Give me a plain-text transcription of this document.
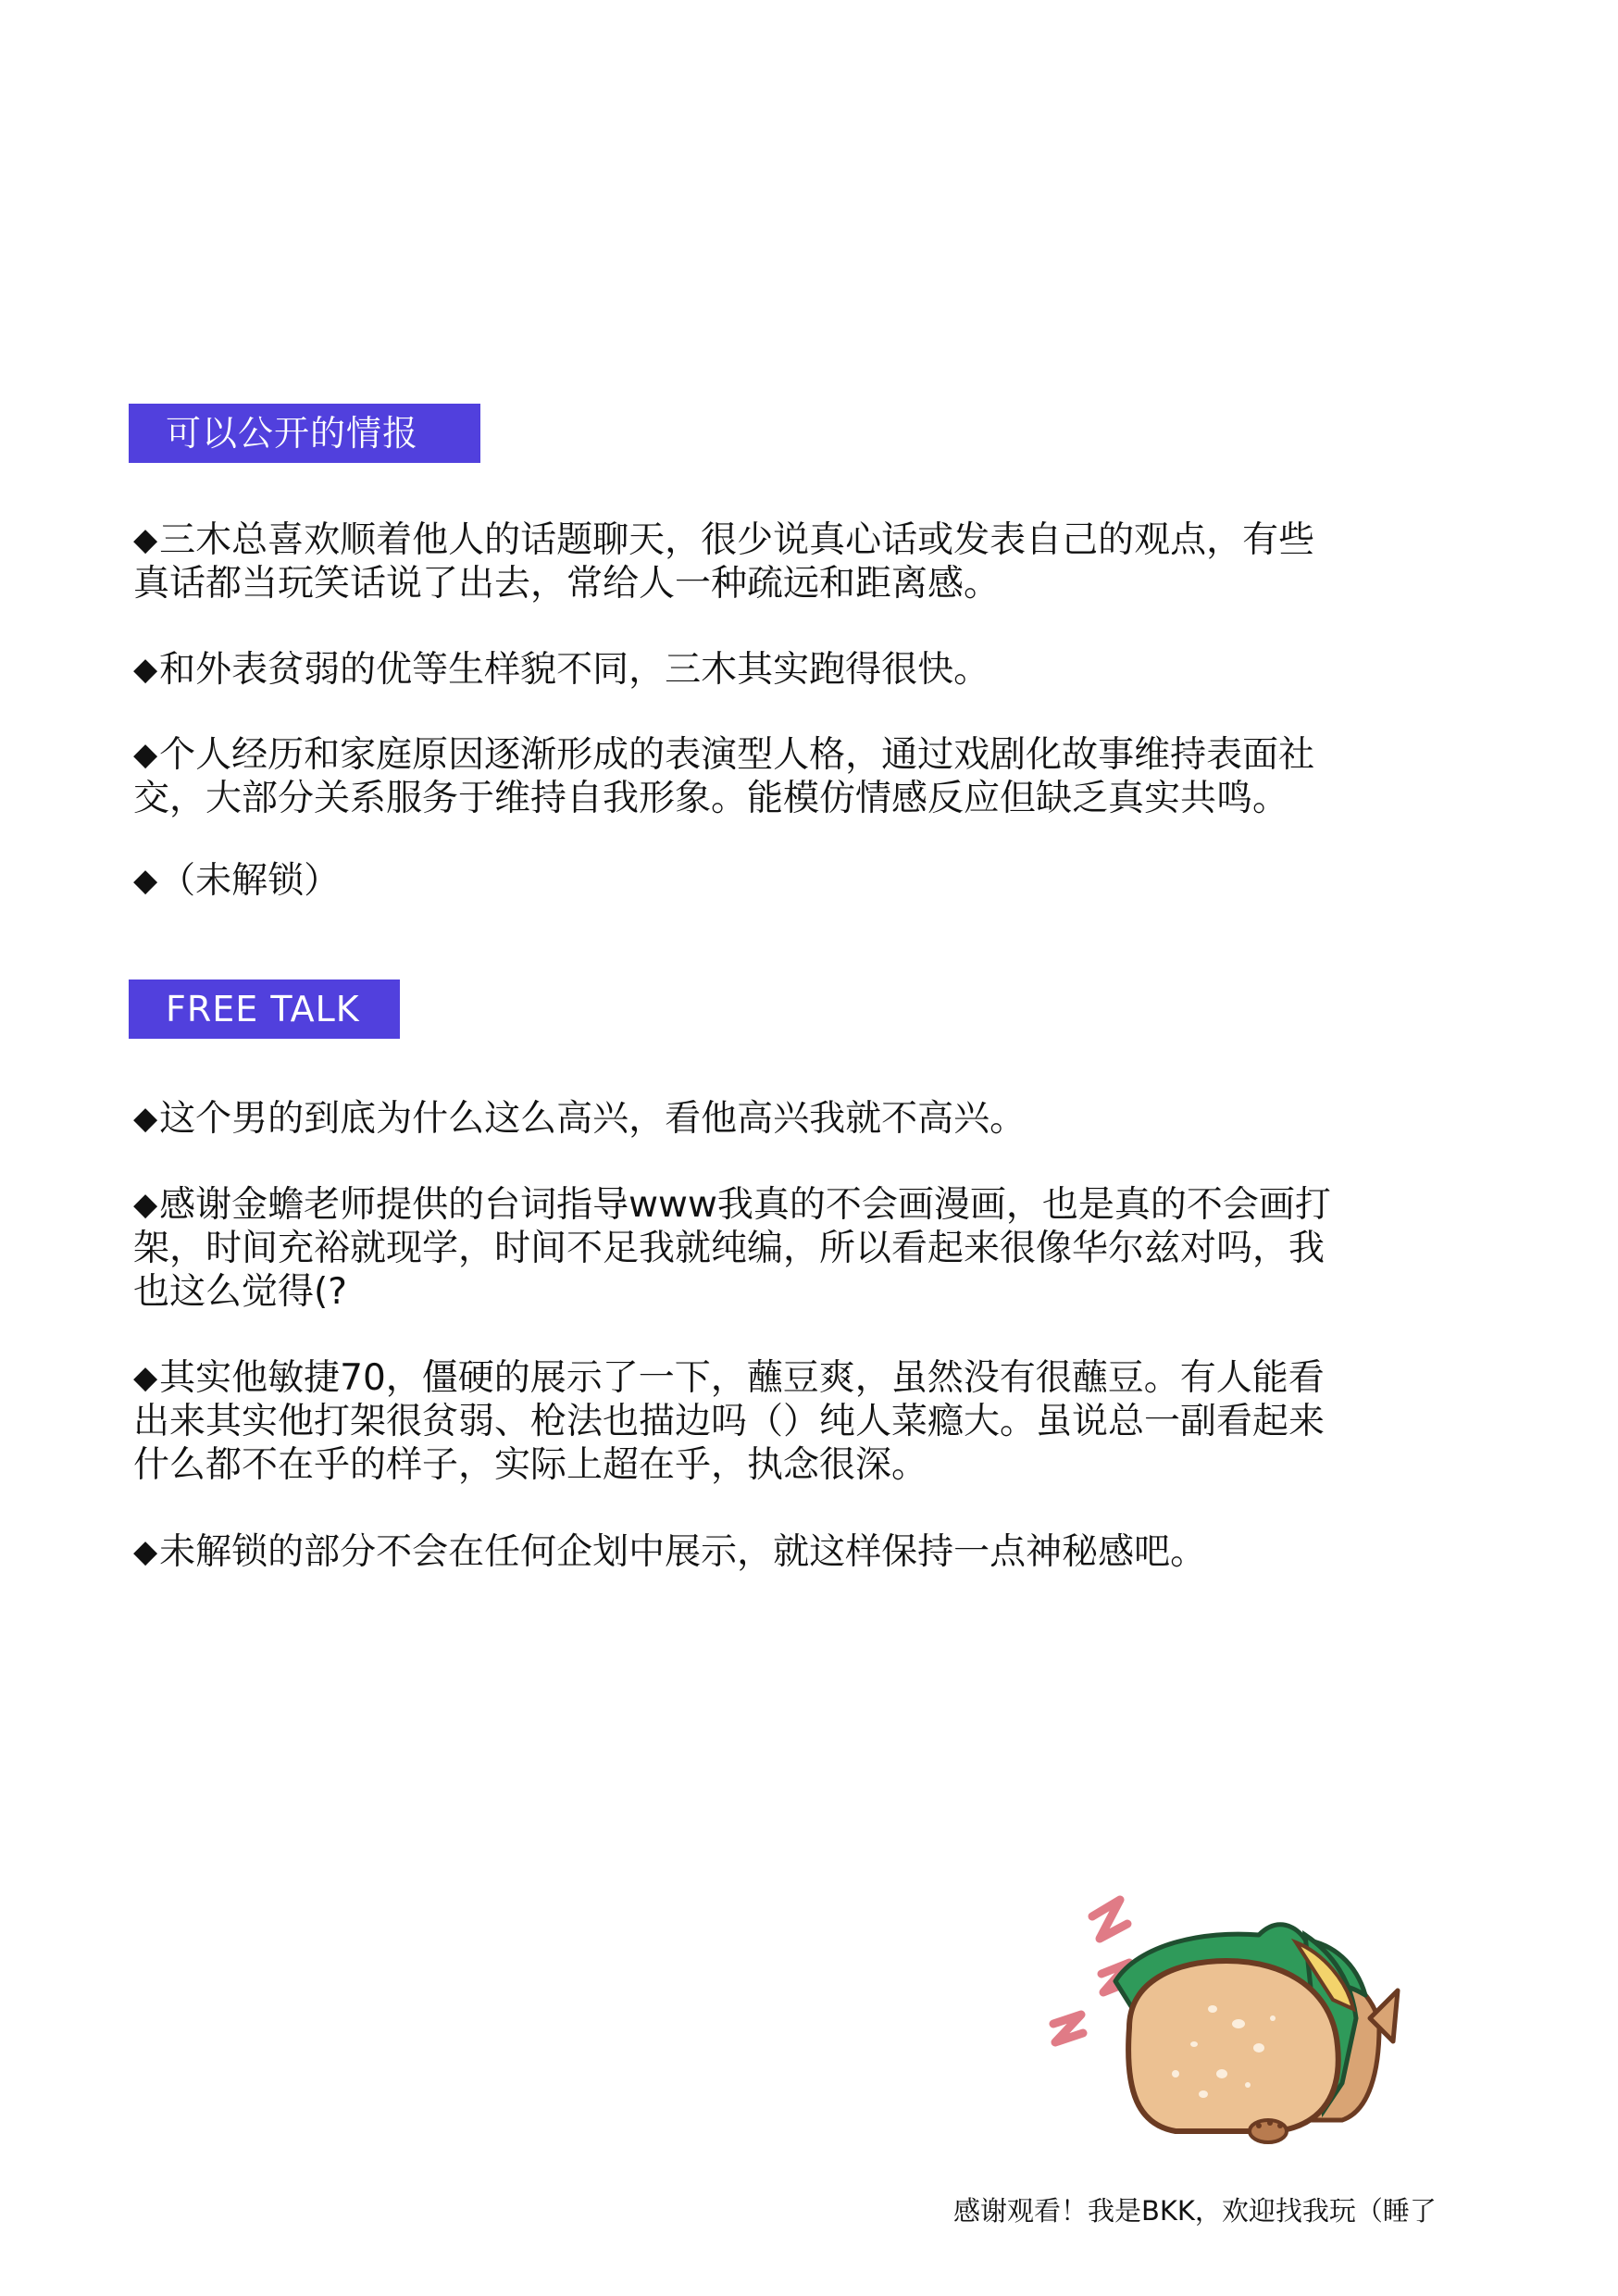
可以公开的情报

◆三木总喜欢顺着他人的话题聊天，很少说真心话或发表自己的观点，有些
真话都当玩笑话说了出去，常给人一种疏远和距离感。

◆和外表贫弱的优等生样貌不同，三木其实跑得很快。

◆个人经历和家庭原因逐渐形成的表演型人格，通过戏剧化故事维持表面社
交，大部分关系服务于维持自我形象。能模仿情感反应但缺乏真实共鸣。

◆（未解锁）

FREE TALK

◆这个男的到底为什么这么高兴，看他高兴我就不高兴。

◆感谢金蟾老师提供的台词指导www我真的不会画漫画，也是真的不会画打
架，时间充裕就现学，时间不足我就纯编，所以看起来很像华尔兹对吗，我
也这么觉得(?

◆其实他敏捷70，僵硬的展示了一下，蘸豆爽，虽然没有很蘸豆。有人能看
出来其实他打架很贫弱、枪法也描边吗（）纯人菜瘾大。虽说总一副看起来
什么都不在乎的样子，实际上超在乎，执念很深。

◆未解锁的部分不会在任何企划中展示，就这样保持一点神秘感吧。

感谢观看！我是BKK，欢迎找我玩（睡了
